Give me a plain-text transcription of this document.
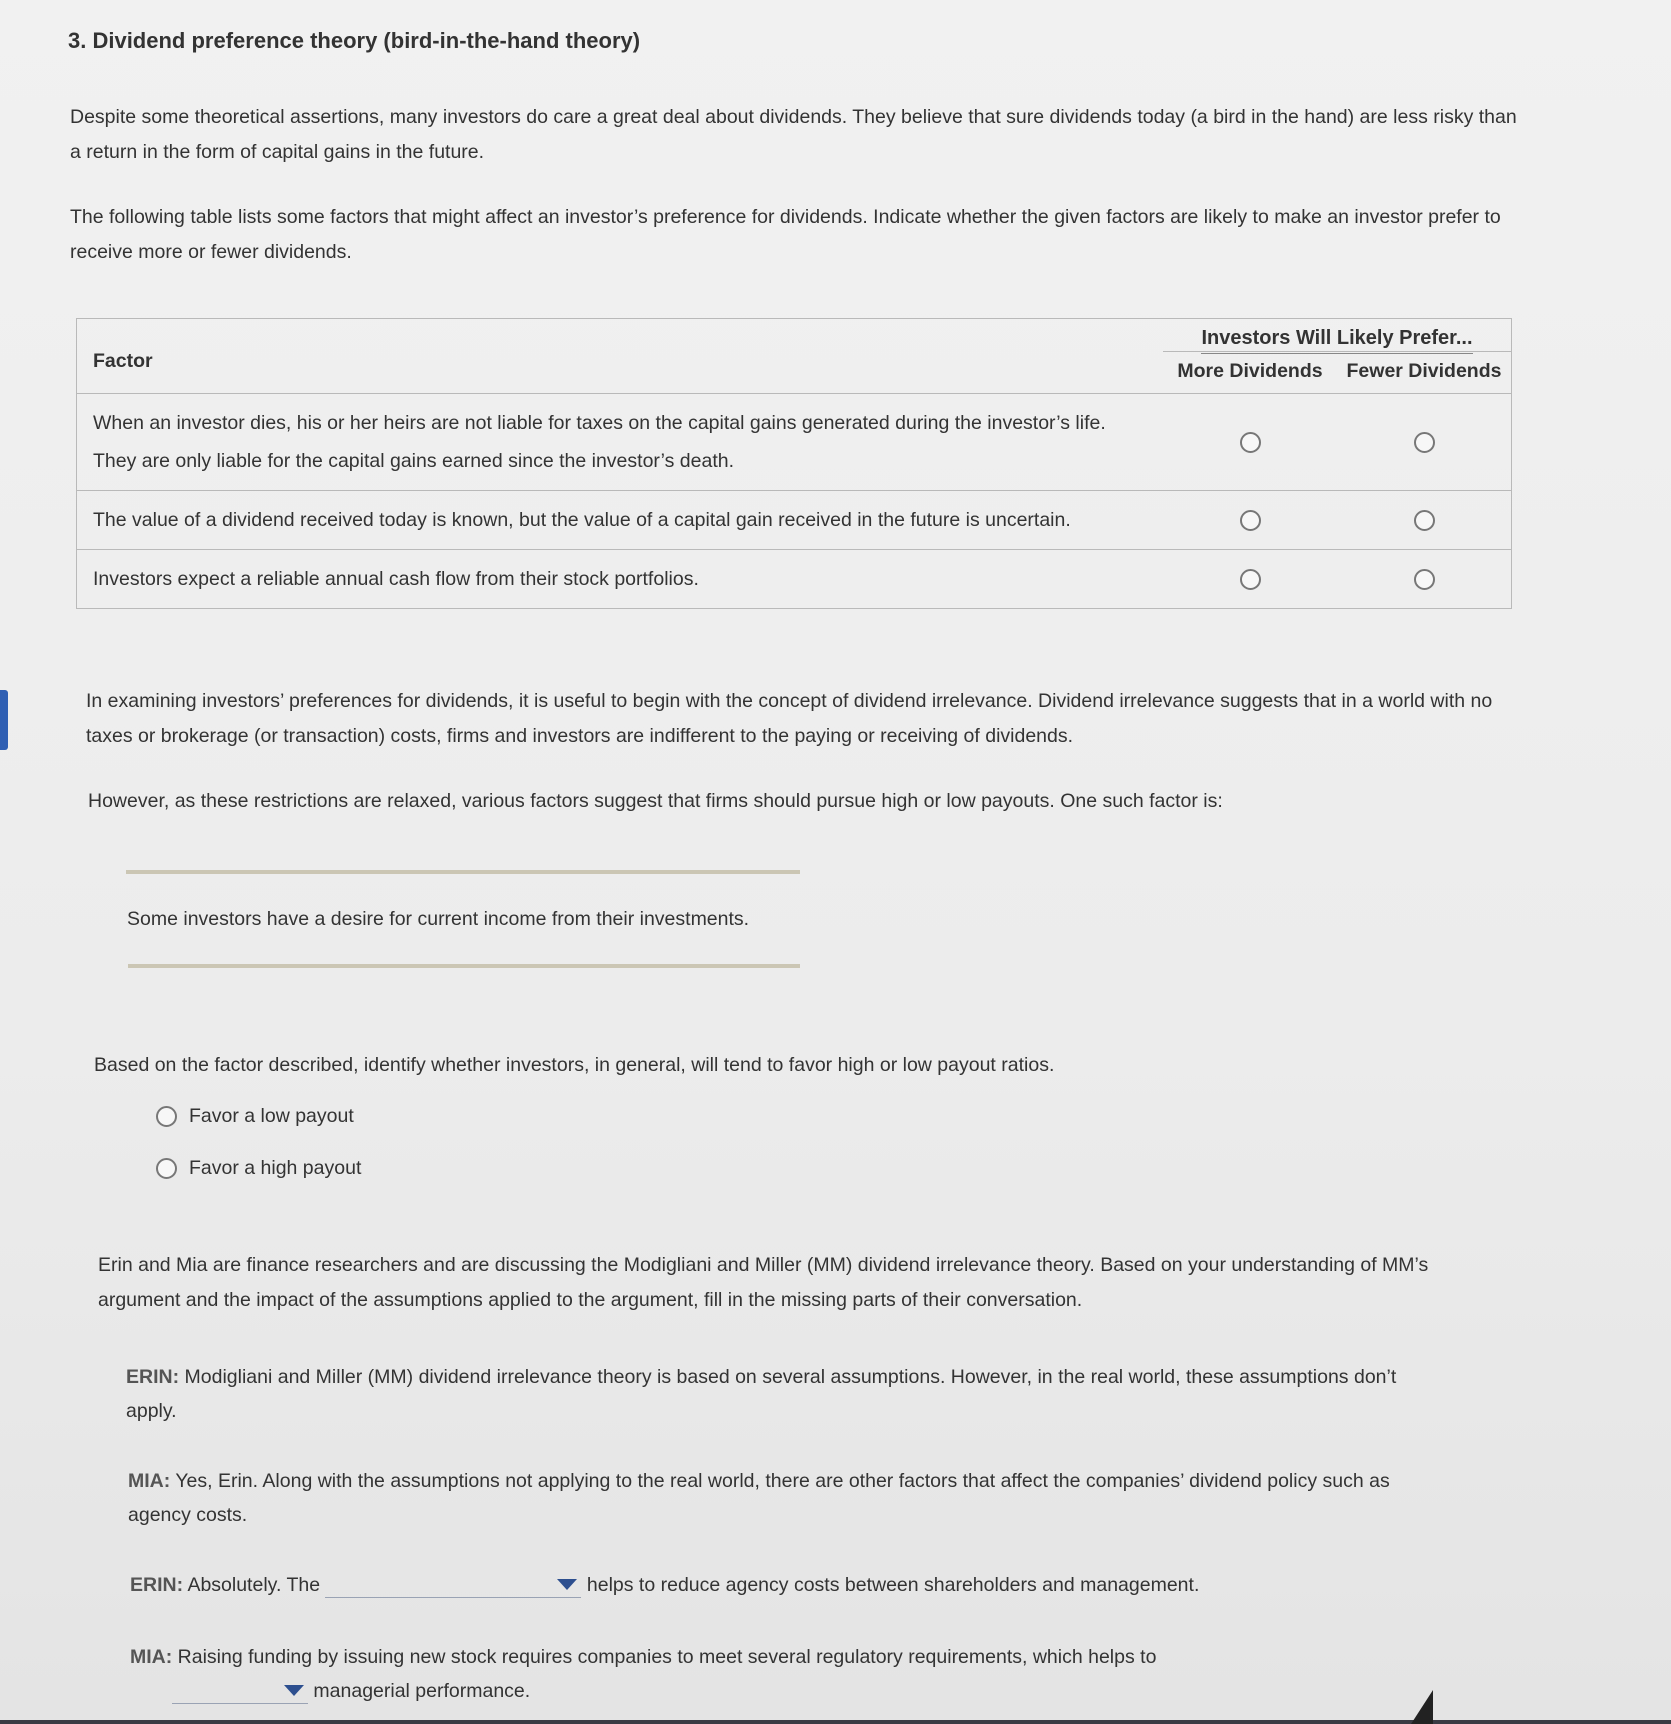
3. Dividend preference theory (bird-in-the-hand theory)
Despite some theoretical assertions, many investors do care a great deal about dividends. They believe that sure dividends today (a bird in the hand) are less risky than a return in the form of capital gains in the future.
The following table lists some factors that might affect an investor’s preference for dividends. Indicate whether the given factors are likely to make an investor prefer to receive more or fewer dividends.
Factor	Investors Will Likely Prefer...	
	More Dividends	Fewer Dividends
When an investor dies, his or her heirs are not liable for taxes on the capital gains generated during the investor’s life. They are only liable for the capital gains earned since the investor’s death.		
The value of a dividend received today is known, but the value of a capital gain received in the future is uncertain.		
Investors expect a reliable annual cash flow from their stock portfolios.		
In examining investors’ preferences for dividends, it is useful to begin with the concept of dividend irrelevance. Dividend irrelevance suggests that in a world with no taxes or brokerage (or transaction) costs, firms and investors are indifferent to the paying or receiving of dividends.
However, as these restrictions are relaxed, various factors suggest that firms should pursue high or low payouts. One such factor is:
Some investors have a desire for current income from their investments.
Based on the factor described, identify whether investors, in general, will tend to favor high or low payout ratios.
Favor a low payout
Favor a high payout
Erin and Mia are finance researchers and are discussing the Modigliani and Miller (MM) dividend irrelevance theory. Based on your understanding of MM’s argument and the impact of the assumptions applied to the argument, fill in the missing parts of their conversation.
ERIN: Modigliani and Miller (MM) dividend irrelevance theory is based on several assumptions. However, in the real world, these assumptions don’t apply.
MIA: Yes, Erin. Along with the assumptions not applying to the real world, there are other factors that affect the companies’ dividend policy such as agency costs.
ERIN: Absolutely. The	helps to reduce agency costs between shareholders and management.
MIA: Raising funding by issuing new stock requires companies to meet several regulatory requirements, which helps to

managerial performance.
